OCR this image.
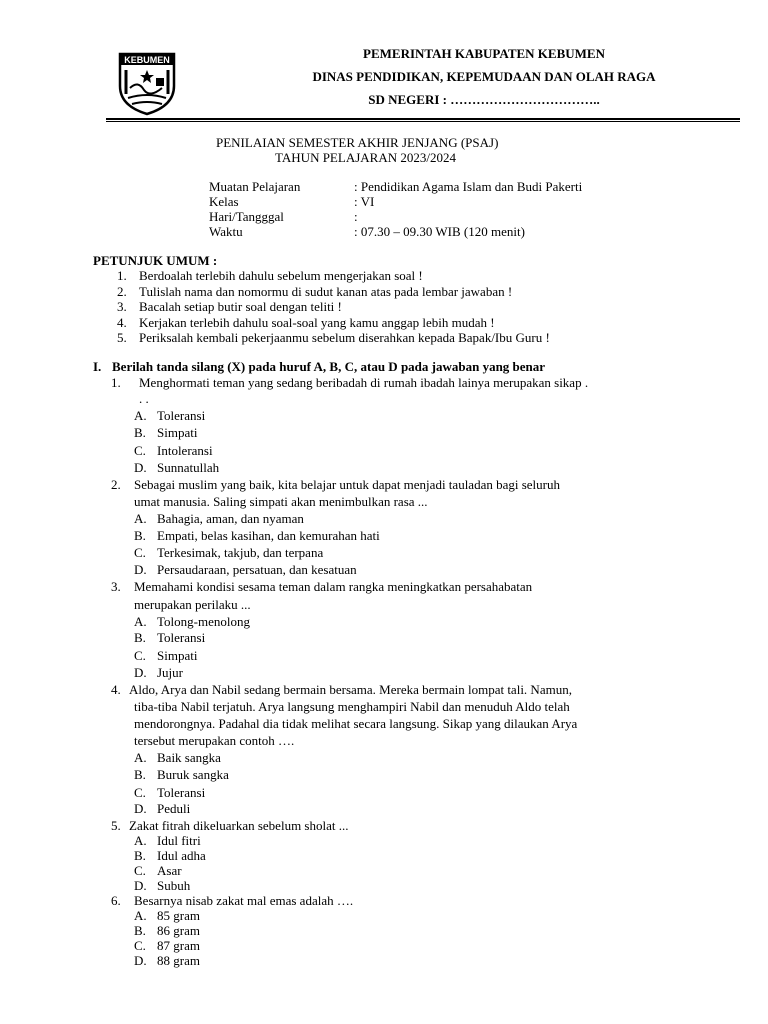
KEBUMEN	PEMERINTAH KABUPATEN KEBUMEN
DINAS PENDIDIKAN, KEPEMUDAAN DAN OLAH RAGA
SD NEGERI : ……………………………..
PENILAIAN SEMESTER AKHIR JENJANG (PSAJ)
TAHUN PELAJARAN 2023/2024
Muatan Pelajaran	: Pendidikan Agama Islam dan Budi Pakerti
Kelas	: VI
Hari/Tangggal	:
Waktu	: 07.30 – 09.30 WIB (120 menit)
PETUNJUK UMUM :
1. Berdoalah terlebih dahulu sebelum mengerjakan soal !
2. Tulislah nama dan nomormu di sudut kanan atas pada lembar jawaban !
3. Bacalah setiap butir soal dengan teliti !
4. Kerjakan terlebih dahulu soal-soal yang kamu anggap lebih mudah !
5. Periksalah kembali pekerjaanmu sebelum diserahkan kepada Bapak/Ibu Guru !
I. Berilah tanda silang (X) pada huruf A, B, C, atau D pada jawaban yang benar
1. Menghormati teman yang sedang beribadah di rumah ibadah lainya merupakan sikap .
. .
A. Toleransi
B. Simpati
C. Intoleransi
D. Sunnatullah
2. Sebagai muslim yang baik, kita belajar untuk dapat menjadi tauladan bagi seluruh
umat manusia. Saling simpati akan menimbulkan rasa ...
A. Bahagia, aman, dan nyaman
B. Empati, belas kasihan, dan kemurahan hati
C. Terkesimak, takjub, dan terpana
D. Persaudaraan, persatuan, dan kesatuan
3. Memahami kondisi sesama teman dalam rangka meningkatkan persahabatan
merupakan perilaku ...
A. Tolong-menolong
B. Toleransi
C. Simpati
D. Jujur
4. Aldo, Arya dan Nabil sedang bermain bersama. Mereka bermain lompat tali. Namun,
tiba-tiba Nabil terjatuh. Arya langsung menghampiri Nabil dan menuduh Aldo telah
mendorongnya. Padahal dia tidak melihat secara langsung. Sikap yang dilaukan Arya
tersebut merupakan contoh ….
A. Baik sangka
B. Buruk sangka
C. Toleransi
D. Peduli
5. Zakat fitrah dikeluarkan sebelum sholat ...
A. Idul fitri
B. Idul adha
C. Asar
D. Subuh
6. Besarnya nisab zakat mal emas adalah ….
A. 85 gram
B. 86 gram
C. 87 gram
D. 88 gram
